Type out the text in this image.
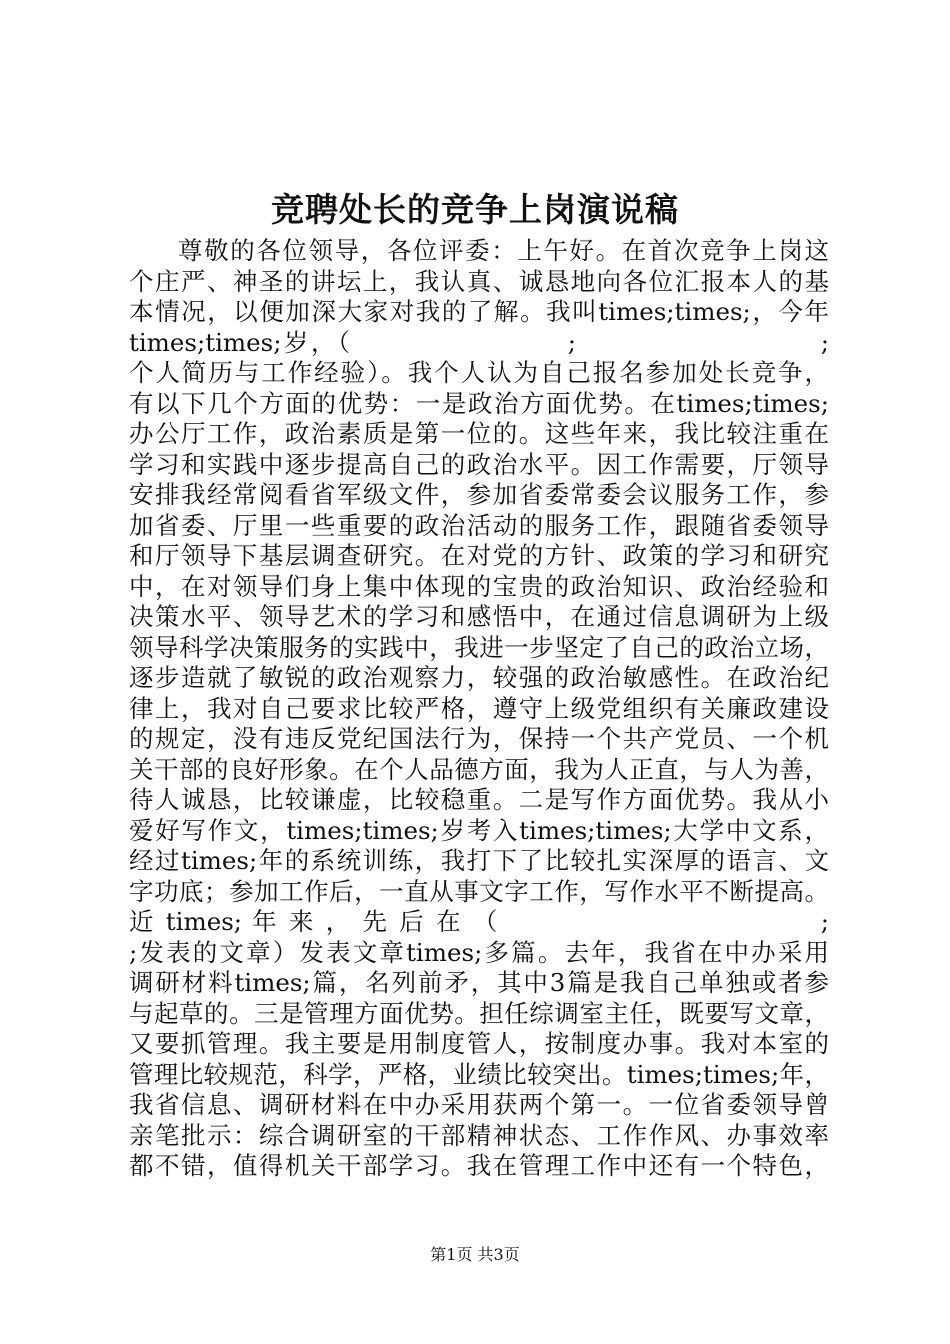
竞聘处长的竞争上岗演说稿
尊敬的各位领导，各位评委：上午好。在首次竞争上岗这
个庄严、神圣的讲坛上，我认真、诚恳地向各位汇报本人的基
本情况，以便加深大家对我的了解。我叫times;times;，今年
times;times;岁，（　　　　　　　　;　　　　　　　　　;
个人简历与工作经验）。我个人认为自己报名参加处长竞争，
有以下几个方面的优势：一是政治方面优势。在times;times;
办公厅工作，政治素质是第一位的。这些年来，我比较注重在
学习和实践中逐步提高自己的政治水平。因工作需要，厅领导
安排我经常阅看省军级文件，参加省委常委会议服务工作，参
加省委、厅里一些重要的政治活动的服务工作，跟随省委领导
和厅领导下基层调查研究。在对党的方针、政策的学习和研究
中，在对领导们身上集中体现的宝贵的政治知识、政治经验和
决策水平、领导艺术的学习和感悟中，在通过信息调研为上级
领导科学决策服务的实践中，我进一步坚定了自己的政治立场，
逐步造就了敏锐的政治观察力，较强的政治敏感性。在政治纪
律上，我对自己要求比较严格，遵守上级党组织有关廉政建设
的规定，没有违反党纪国法行为，保持一个共产党员、一个机
关干部的良好形象。在个人品德方面，我为人正直，与人为善，
待人诚恳，比较谦虚，比较稳重。二是写作方面优势。我从小
爱好写作文，times;times;岁考入times;times;大学中文系，
经过times;年的系统训练，我打下了比较扎实深厚的语言、文
字功底；参加工作后，一直从事文字工作，写作水平不断提高。
近 times; 年 来 ， 先 后 在 （　　　　　　　　　　　　;
;发表的文章）发表文章times;多篇。去年，我省在中办采用
调研材料times;篇，名列前矛，其中3篇是我自己单独或者参
与起草的。三是管理方面优势。担任综调室主任，既要写文章，
又要抓管理。我主要是用制度管人，按制度办事。我对本室的
管理比较规范，科学，严格，业绩比较突出。times;times;年，
我省信息、调研材料在中办采用获两个第一。一位省委领导曾
亲笔批示：综合调研室的干部精神状态、工作作风、办事效率
都不错，值得机关干部学习。我在管理工作中还有一个特色，
第1页 共3页
